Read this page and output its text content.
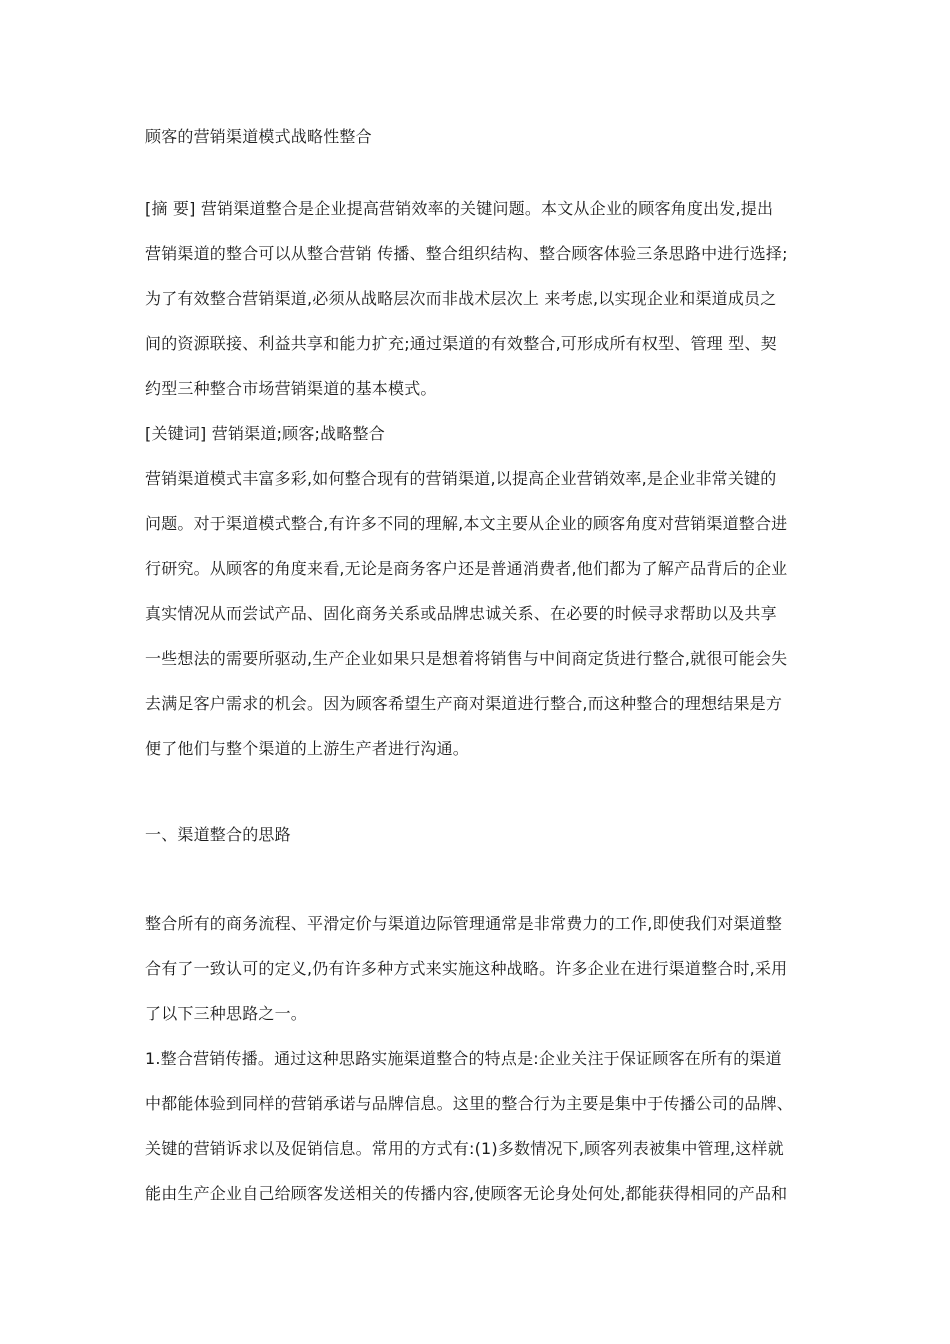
顾客的营销渠道模式战略性整合

[摘 要] 营销渠道整合是企业提高营销效率的关键问题。本文从企业的顾客角度出发,提出

营销渠道的整合可以从整合营销 传播、整合组织结构、整合顾客体验三条思路中进行选择;

为了有效整合营销渠道,必须从战略层次而非战术层次上 来考虑,以实现企业和渠道成员之

间的资源联接、利益共享和能力扩充;通过渠道的有效整合,可形成所有权型、管理 型、契

约型三种整合市场营销渠道的基本模式。

[关键词] 营销渠道;顾客;战略整合

营销渠道模式丰富多彩,如何整合现有的营销渠道,以提高企业营销效率,是企业非常关键的

问题。对于渠道模式整合,有许多不同的理解,本文主要从企业的顾客角度对营销渠道整合进

行研究。从顾客的角度来看,无论是商务客户还是普通消费者,他们都为了解产品背后的企业

真实情况从而尝试产品、固化商务关系或品牌忠诚关系、在必要的时候寻求帮助以及共享

一些想法的需要所驱动,生产企业如果只是想着将销售与中间商定货进行整合,就很可能会失

去满足客户需求的机会。因为顾客希望生产商对渠道进行整合,而这种整合的理想结果是方

便了他们与整个渠道的上游生产者进行沟通。

一、渠道整合的思路

整合所有的商务流程、平滑定价与渠道边际管理通常是非常费力的工作,即使我们对渠道整

合有了一致认可的定义,仍有许多种方式来实施这种战略。许多企业在进行渠道整合时,采用

了以下三种思路之一。

1.整合营销传播。通过这种思路实施渠道整合的特点是:企业关注于保证顾客在所有的渠道

中都能体验到同样的营销承诺与品牌信息。这里的整合行为主要是集中于传播公司的品牌、

关键的营销诉求以及促销信息。常用的方式有:(1)多数情况下,顾客列表被集中管理,这样就

能由生产企业自己给顾客发送相关的传播内容,使顾客无论身处何处,都能获得相同的产品和
